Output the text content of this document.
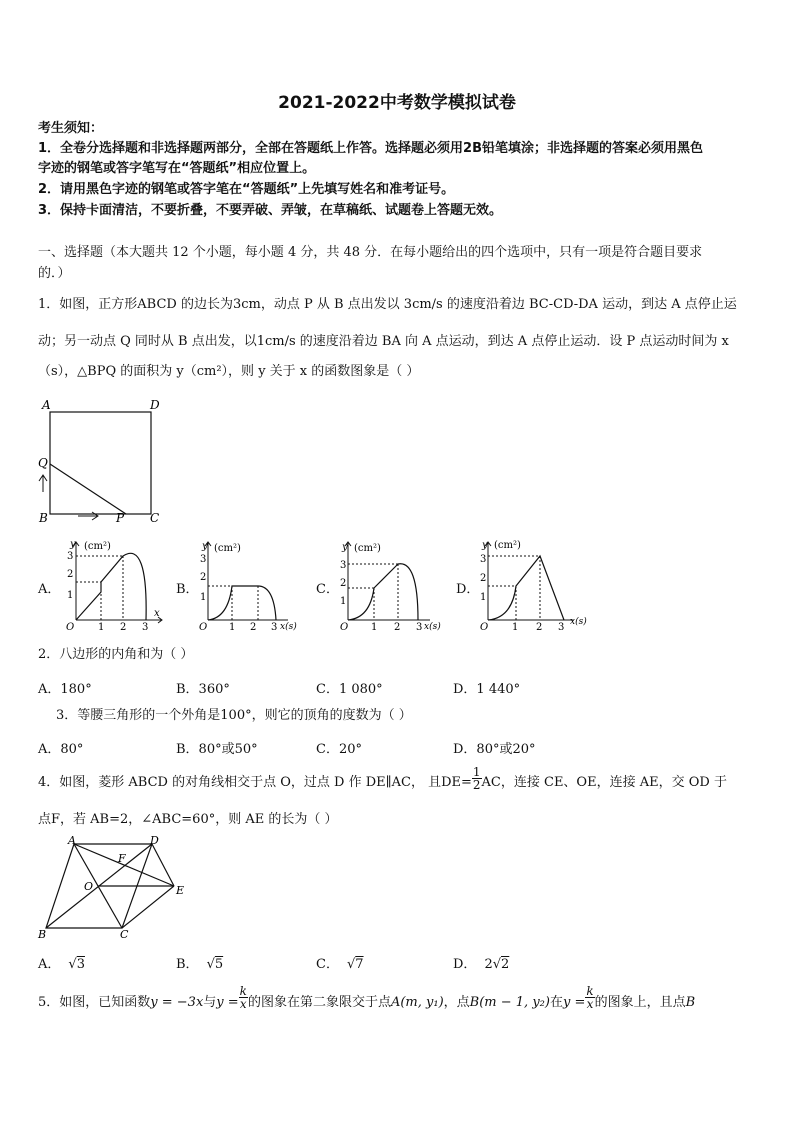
2021-2022中考数学模拟试卷
考生须知：
1．全卷分选择题和非选择题两部分，全部在答题纸上作答。选择题必须用2B铅笔填涂；非选择题的答案必须用黑色
字迹的钢笔或答字笔写在“答题纸”相应位置上。
2．请用黑色字迹的钢笔或答字笔在“答题纸”上先填写姓名和准考证号。
3．保持卡面清洁，不要折叠，不要弄破、弄皱，在草稿纸、试题卷上答题无效。
一、选择题（本大题共 12 个小题，每小题 4 分，共 48 分．在每小题给出的四个选项中，只有一项是符合题目要求
的．）
1．如图，正方形ABCD 的边长为3cm，动点 P 从 B 点出发以 3cm/s 的速度沿着边 BC-CD-DA 运动，到达 A 点停止运
动；另一动点 Q 同时从 B 点出发，以1cm/s 的速度沿着边 BA 向 A 点运动，到达 A 点停止运动．设 P 点运动时间为 x
（s），△BPQ 的面积为 y（cm²），则 y 关于 x 的函数图象是（ ）
A	D
Q
B	P C
A．
y (cm²)
x
O 1 2 3
1
2
3
B．
y (cm²)
x(s)
O 1 2 3
1
2
3
C．
y (cm²)
x(s)
O 1 2 3
1
2
3
D．
y (cm²)
x(s)
O 1 2 3
1
2
3
2．八边形的内角和为（ ）
A．180°	B．360°	C．1 080°	D．1 440°
3．等腰三角形的一个外角是100°，则它的顶角的度数为（ ）
A．80°	B．80°或50°	C．20°	D．80°或20°
4．如图，菱形 ABCD 的对角线相交于点 O，过点 D 作 DE∥AC， 且$DE= \frac{1}{2}$ AC，连接 CE、OE，连接 AE，交 OD 于
点F，若 AB=2，∠ABC=60°，则 AE 的长为（ ）
A	D
F
O	E
B	C
A． √3	B． √5	C． √7	D． 2√2
5．如图，已知函数y = −3x与$y = \frac{k}{x}$ 的图象在第二象限交于点A(m, y₁)，点B(m − 1, y₂)在$y = \frac{k}{x}$ 的图象上，且点B
